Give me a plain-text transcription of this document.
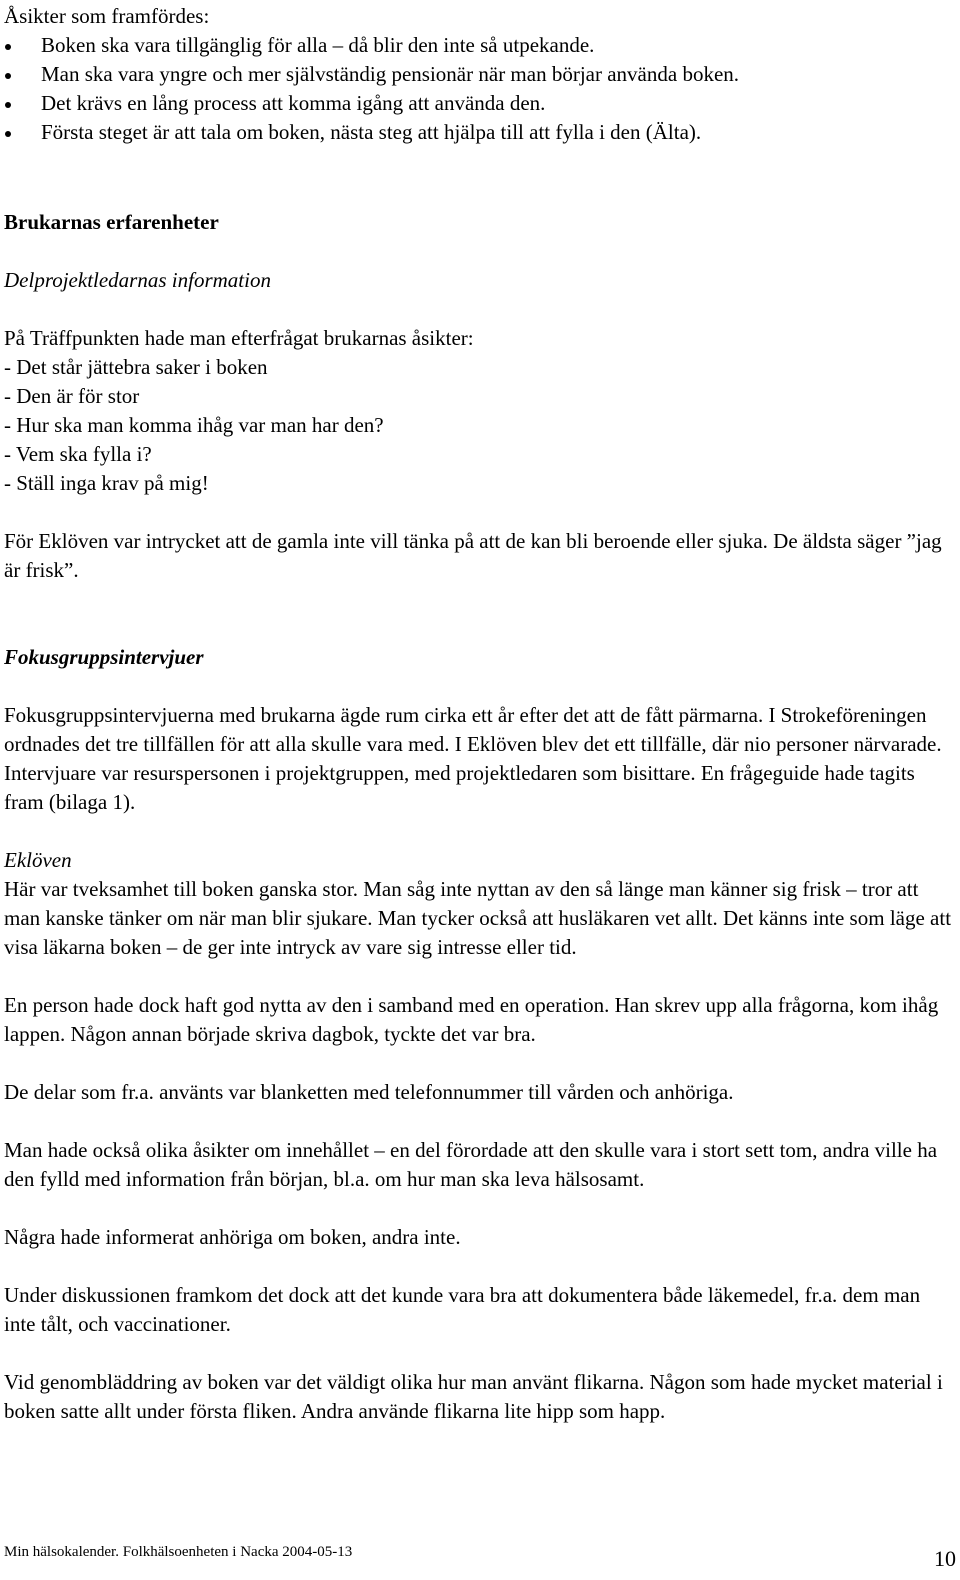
Åsikter som framfördes:

Boken ska vara tillgänglig för alla – då blir den inte så utpekande.
Man ska vara yngre och mer självständig pensionär när man börjar använda boken.
Det krävs en lång process att komma igång att använda den.
Första steget är att tala om boken, nästa steg att hjälpa till att fylla i den (Älta).
Brukarnas erfarenheter
Delprojektledarnas information

På Träffpunkten hade man efterfrågat brukarnas åsikter:

- Det står jättebra saker i boken

- Den är för stor

- Hur ska man komma ihåg var man har den?

- Vem ska fylla i?

- Ställ inga krav på mig!

För Eklöven var intrycket att de gamla inte vill tänka på att de kan bli beroende eller sjuka. De äldsta säger ”jag är frisk”.

Fokusgruppsintervjuer

Fokusgruppsintervjuerna med brukarna ägde rum cirka ett år efter det att de fått pärmarna. I Strokeföreningen ordnades det tre tillfällen för att alla skulle vara med. I Eklöven blev det ett tillfälle, där nio personer närvarade. Intervjuare var resurspersonen i projektgruppen, med projektledaren som bisittare. En frågeguide hade tagits fram (bilaga 1).

Eklöven

Här var tveksamhet till boken ganska stor. Man såg inte nyttan av den så länge man känner sig frisk – tror att man kanske tänker om när man blir sjukare. Man tycker också att husläkaren vet allt. Det känns inte som läge att visa läkarna boken – de ger inte intryck av vare sig intresse eller tid.

En person hade dock haft god nytta av den i samband med en operation. Han skrev upp alla frågorna, kom ihåg lappen. Någon annan började skriva dagbok, tyckte det var bra.

De delar som fr.a. använts var blanketten med telefonnummer till vården och anhöriga.

Man hade också olika åsikter om innehållet – en del förordade att den skulle vara i stort sett tom, andra ville ha den fylld med information från början, bl.a. om hur man ska leva hälsosamt.

Några hade informerat anhöriga om boken, andra inte.

Under diskussionen framkom det dock att det kunde vara bra att dokumentera både läkemedel, fr.a. dem man inte tålt, och vaccinationer.

Vid genombläddring av boken var det väldigt olika hur man använt flikarna. Någon som hade mycket material i boken satte allt under första fliken. Andra använde flikarna lite hipp som happ.

Min hälsokalender. Folkhälsoenheten i Nacka 2004-05-13	10
